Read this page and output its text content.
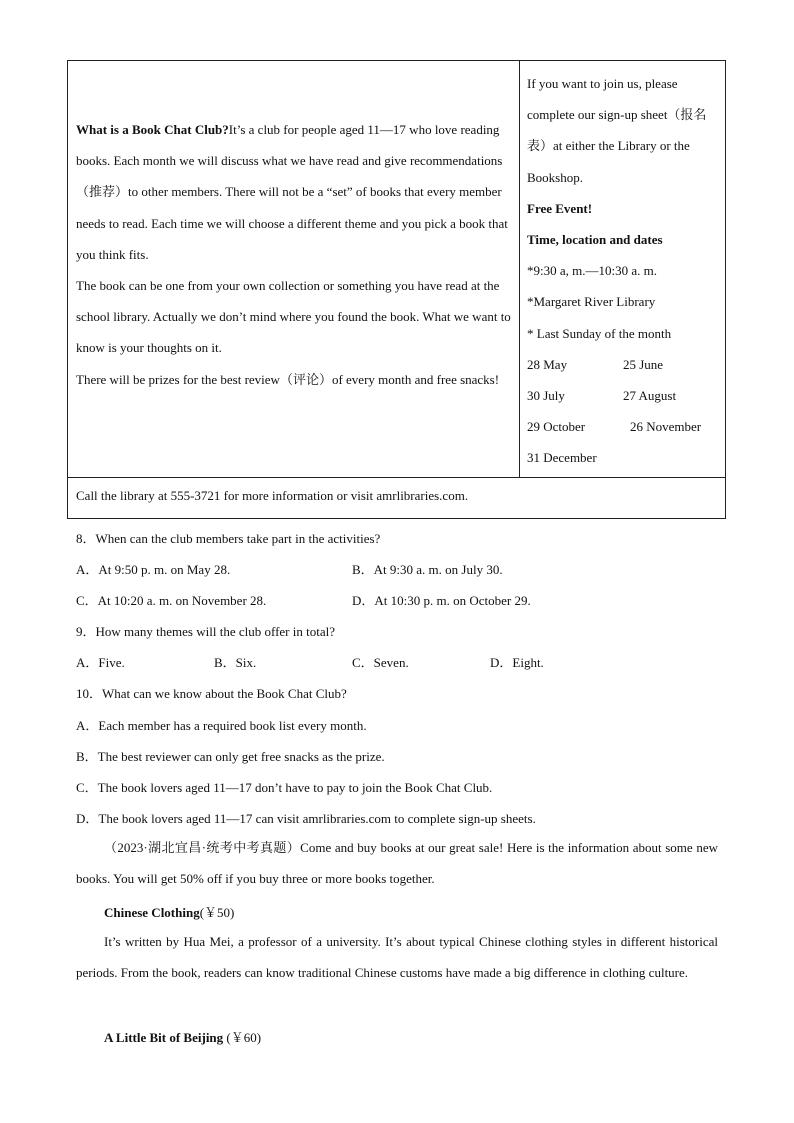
What is a Book Chat Club?It’s a club for people aged 11—17 who love reading books. Each month we will discuss what we have read and give recommendations（推荐）to other members. There will not be a “set” of books that every member needs to read. Each time we will choose a different theme and you pick a book that you think fits.

The book can be one from your own collection or something you have read at the school library. Actually we don’t mind where you found the book. What we want to know is your thoughts on it.

There will be prizes for the best review（评论）of every month and free snacks!

If you want to join us, please complete our sign-up sheet（报名表）at either the Library or the Bookshop.

Free Event!

Time, location and dates

*9:30 a, m.—10:30 a. m.

*Margaret River Library

* Last Sunday of the month

28 May	25 June
30 July	27 August
29 October	26 November
31 December
Call the library at 555-3721 for more information or visit amrlibraries.com.
8．When can the club members take part in the activities?
A．At 9:50 p. m. on May 28.	B．At 9:30 a. m. on July 30.
C．At 10:20 a. m. on November 28.	D．At 10:30 p. m. on October 29.
9．How many themes will the club offer in total?
A．Five.	B．Six.	C．Seven.	D．Eight.
10．What can we know about the Book Chat Club?
A．Each member has a required book list every month.
B．The best reviewer can only get free snacks as the prize.
C．The book lovers aged 11—17 don’t have to pay to join the Book Chat Club.
D．The book lovers aged 11—17 can visit amrlibraries.com to complete sign-up sheets.
（2023·湖北宜昌·统考中考真题）Come and buy books at our great sale! Here is the information about some new books. You will get 50% off if you buy three or more books together.
Chinese Clothing(￥50)
It’s written by Hua Mei, a professor of a university. It’s about typical Chinese clothing styles in different historical periods. From the book, readers can know traditional Chinese customs have made a big difference in clothing culture.
A Little Bit of Beijing (￥60)
